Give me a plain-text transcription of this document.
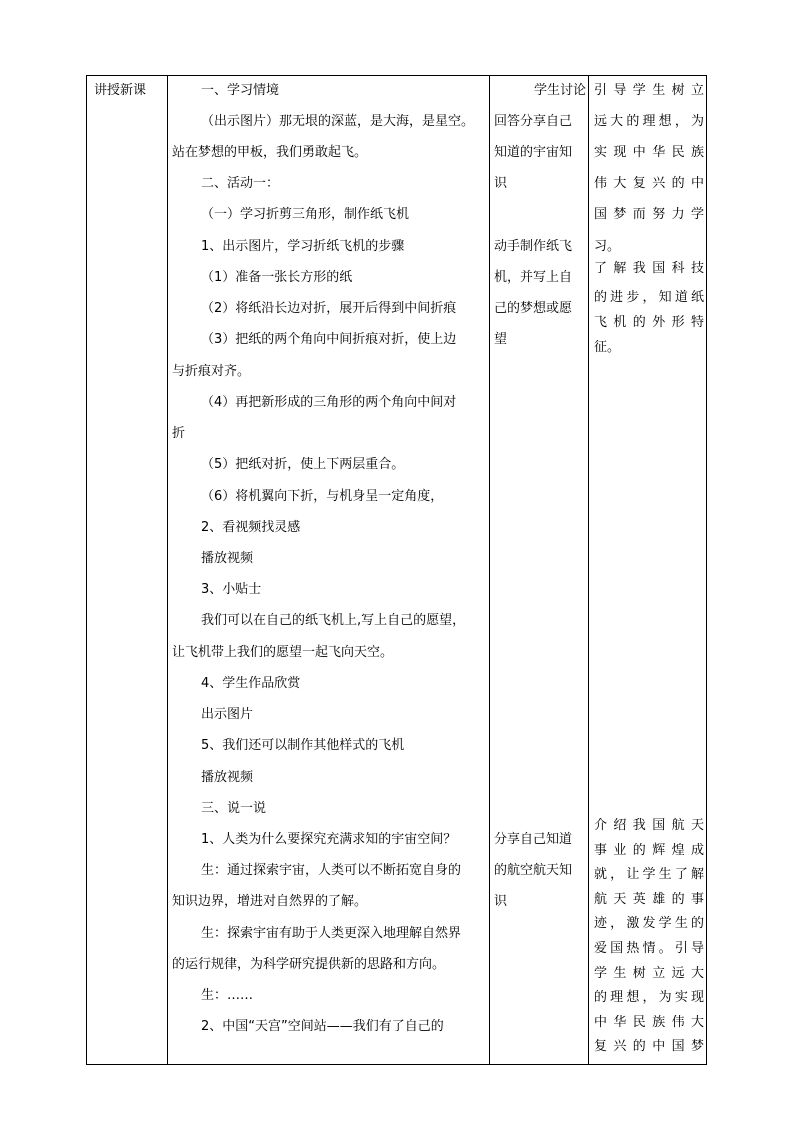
讲授新课	一、学习情境
（出示图片）那无垠的深蓝，是大海，是星空。
站在梦想的甲板，我们勇敢起飞。
二、活动一：
（一）学习折剪三角形，制作纸飞机
1、出示图片，学习折纸飞机的步骤
（1）准备一张长方形的纸
（2）将纸沿长边对折，展开后得到中间折痕
（3）把纸的两个角向中间折痕对折，使上边
与折痕对齐。
（4）再把新形成的三角形的两个角向中间对
折
（5）把纸对折，使上下两层重合。
（6）将机翼向下折，与机身呈一定角度，
2、看视频找灵感
播放视频
3、小贴士
我们可以在自己的纸飞机上,写上自己的愿望，
让飞机带上我们的愿望一起飞向天空。
4、学生作品欣赏
出示图片
5、我们还可以制作其他样式的飞机
播放视频
三、说一说
1、人类为什么要探究充满求知的宇宙空间？
生：通过探索宇宙，人类可以不断拓宽自身的
知识边界，增进对自然界的了解。
生：探索宇宙有助于人类更深入地理解自然界
的运行规律，为科学研究提供新的思路和方向。
生：……
2、中国“天宫”空间站——我们有了自己的
学生讨论
回答分享自己
知道的宇宙知
识
动手制作纸飞
机，并写上自
己的梦想或愿
望
分享自己知道
的航空航天知
识
引导学生树立
远大的理想，为
实现中华民族
伟大复兴的中
国梦而努力学
习。
了解我国科技
的进步，知道纸
飞机的外形特
征。
介绍我国航天
事业的辉煌成
就，让学生了解
航天英雄的事
迹，激发学生的
爱国热情。引导
学生树立远大
的理想，为实现
中华民族伟大
复兴的中国梦
